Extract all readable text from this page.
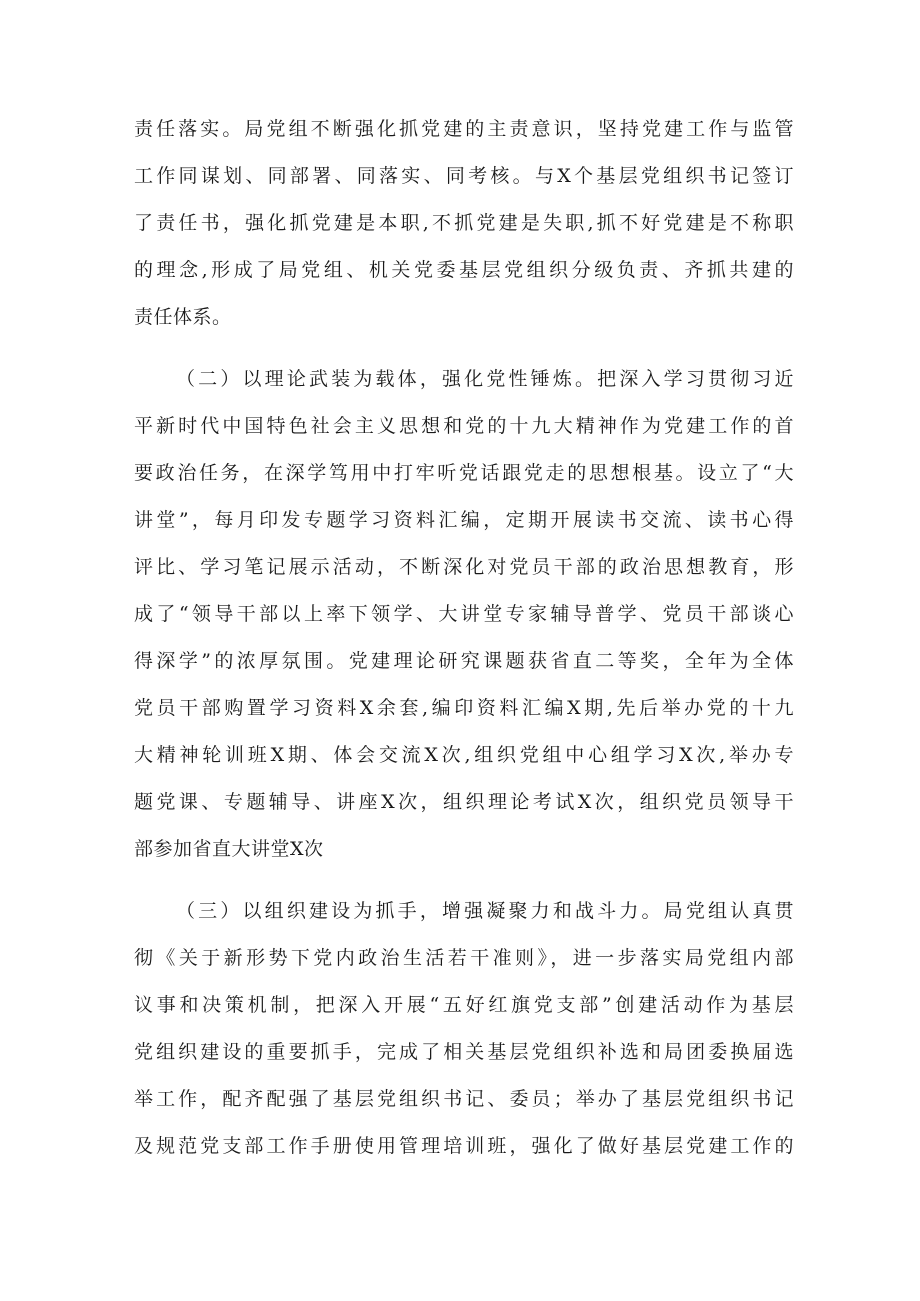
责任落实。局党组不断强化抓党建的主责意识，坚持党建工作与监管
工作同谋划、同部署、同落实、同考核。与X个基层党组织书记签订
了责任书，强化抓党建是本职,不抓党建是失职,抓不好党建是不称职
的理念,形成了局党组、机关党委基层党组织分级负责、齐抓共建的
责任体系。
（二）以理论武装为载体，强化党性锤炼。把深入学习贯彻习近
平新时代中国特色社会主义思想和党的十九大精神作为党建工作的首
要政治任务，在深学笃用中打牢听党话跟党走的思想根基。设立了“大
讲堂”，每月印发专题学习资料汇编，定期开展读书交流、读书心得
评比、学习笔记展示活动，不断深化对党员干部的政治思想教育，形
成了“领导干部以上率下领学、大讲堂专家辅导普学、党员干部谈心
得深学”的浓厚氛围。党建理论研究课题获省直二等奖，全年为全体
党员干部购置学习资料X余套,编印资料汇编X期,先后举办党的十九
大精神轮训班X期、体会交流X次,组织党组中心组学习X次,举办专
题党课、专题辅导、讲座X次，组织理论考试X次，组织党员领导干
部参加省直大讲堂X次
（三）以组织建设为抓手，增强凝聚力和战斗力。局党组认真贯
彻《关于新形势下党内政治生活若干准则》，进一步落实局党组内部
议事和决策机制，把深入开展“五好红旗党支部”创建活动作为基层
党组织建设的重要抓手，完成了相关基层党组织补选和局团委换届选
举工作，配齐配强了基层党组织书记、委员；举办了基层党组织书记
及规范党支部工作手册使用管理培训班，强化了做好基层党建工作的
